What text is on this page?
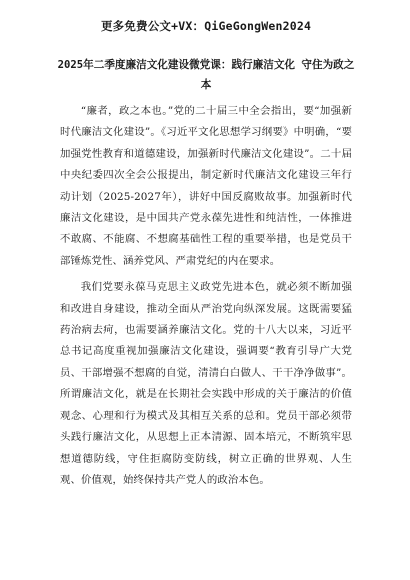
更多免费公文+VX：QiGeGongWen2024
2025年二季度廉洁文化建设微党课：践行廉洁文化 守住为政之本

“廉者，政之本也。”党的二十届三中全会指出，要“加强新时代廉洁文化建设”。《习近平文化思想学习纲要》中明确，“要加强党性教育和道德建设，加强新时代廉洁文化建设”。二十届中央纪委四次全会公报提出，制定新时代廉洁文化建设三年行动计划（2025-2027年），讲好中国反腐败故事。加强新时代廉洁文化建设，是中国共产党永葆先进性和纯洁性，一体推进不敢腐、不能腐、不想腐基础性工程的重要举措，也是党员干部锤炼党性、涵养党风、严肃党纪的内在要求。

我们党要永葆马克思主义政党先进本色，就必须不断加强和改进自身建设，推动全面从严治党向纵深发展。这既需要猛药治病去疴，也需要涵养廉洁文化。党的十八大以来，习近平总书记高度重视加强廉洁文化建设，强调要“教育引导广大党员、干部增强不想腐的自觉，清清白白做人、干干净净做事”。所谓廉洁文化，就是在长期社会实践中形成的关于廉洁的价值观念、心理和行为模式及其相互关系的总和。党员干部必须带头践行廉洁文化，从思想上正本清源、固本培元，不断筑牢思想道德防线，守住拒腐防变防线，树立正确的世界观、人生观、价值观，始终保持共产党人的政治本色。
